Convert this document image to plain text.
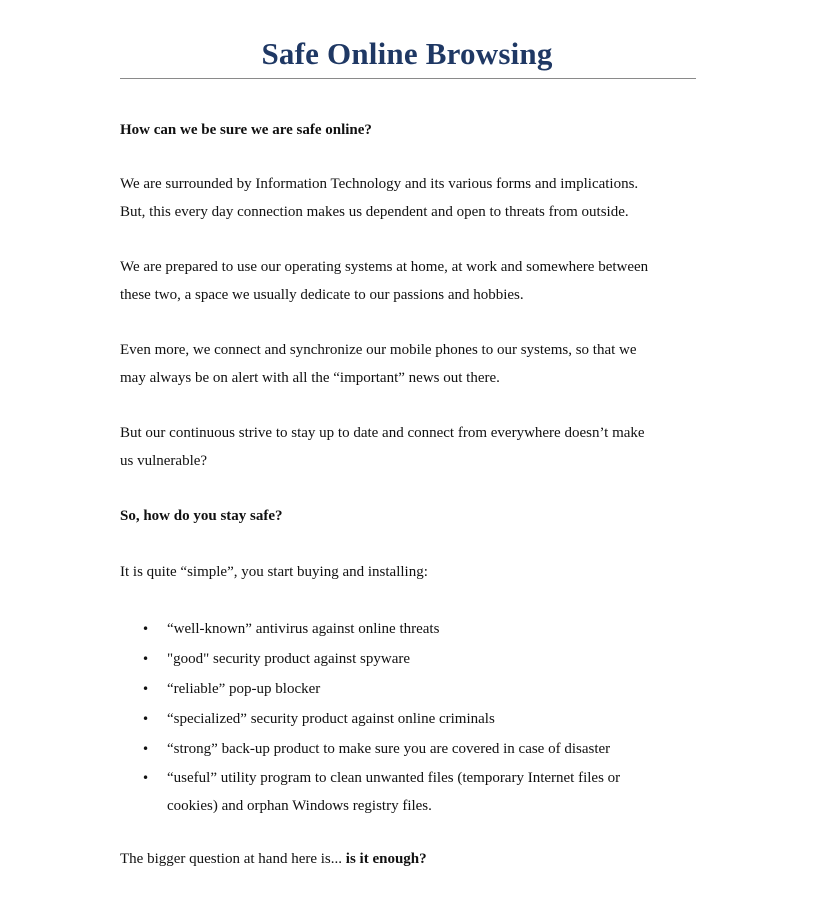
Safe Online Browsing

How can we be sure we are safe online?

We are surrounded by Information Technology and its various forms and implications.
But, this every day connection makes us dependent and open to threats from outside.

We are prepared to use our operating systems at home, at work and somewhere between
these two, a space we usually dedicate to our passions and hobbies.

Even more, we connect and synchronize our mobile phones to our systems, so that we
may always be on alert with all the “important” news out there.

But our continuous strive to stay up to date and connect from everywhere doesn’t make
us vulnerable?

So, how do you stay safe?

It is quite “simple”, you start buying and installing:

• “well-known” antivirus against online threats
• "good" security product against spyware
• “reliable” pop-up blocker
• “specialized” security product against online criminals
• “strong” back-up product to make sure you are covered in case of disaster
• “useful” utility program to clean unwanted files (temporary Internet files or
cookies) and orphan Windows registry files.

The bigger question at hand here is... is it enough?
